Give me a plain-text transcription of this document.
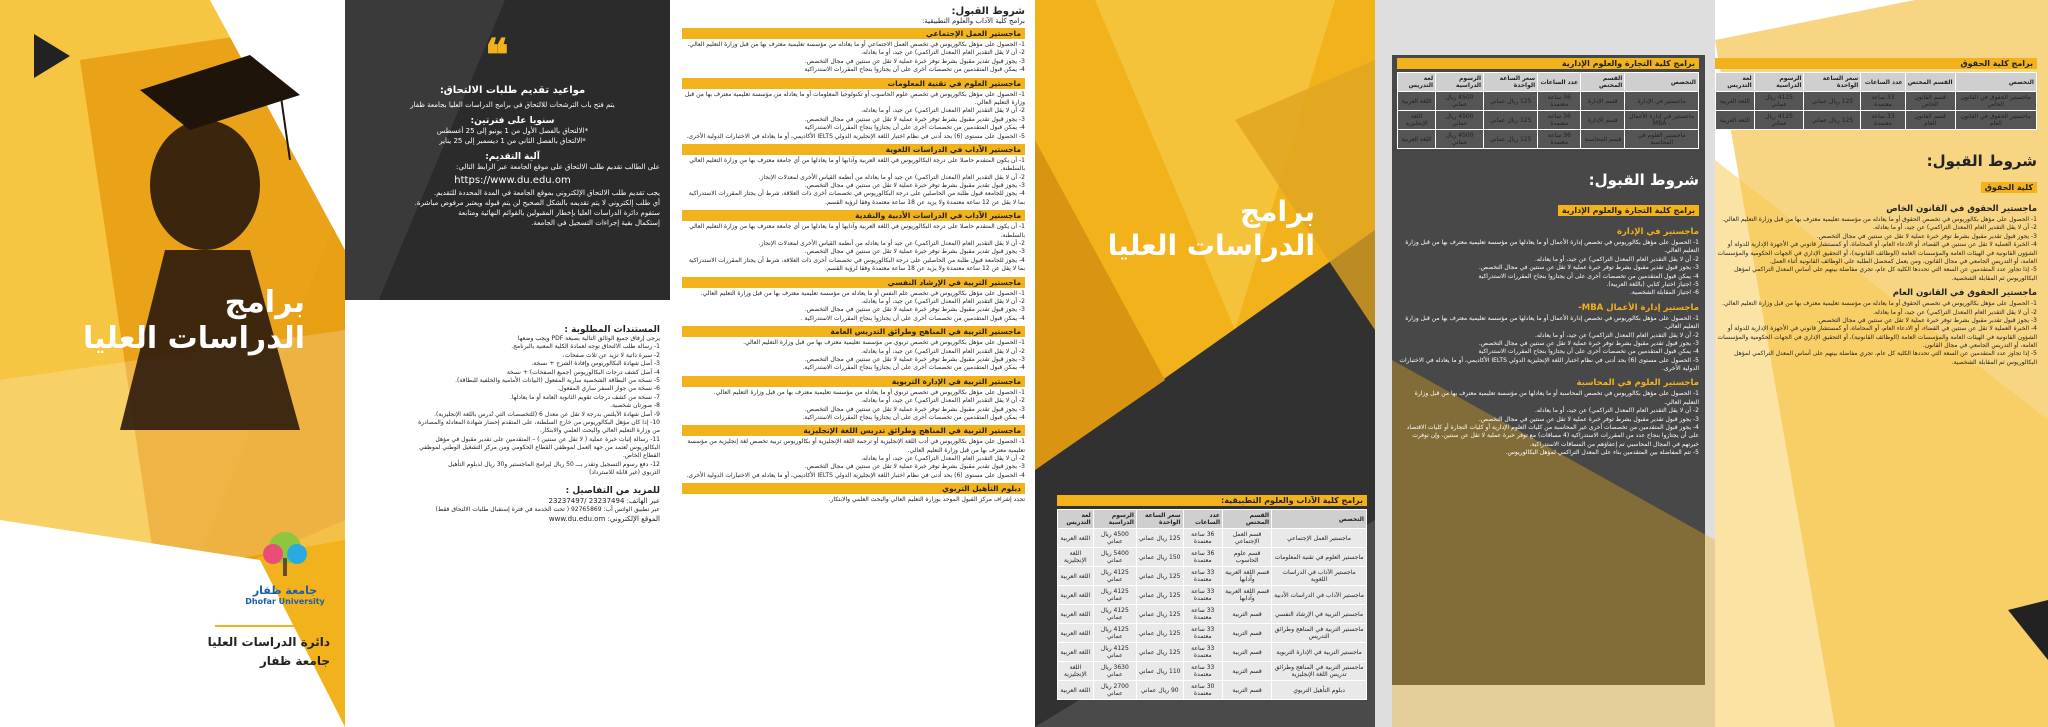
برامج
الدراسات العليا
جامعة ظفار
Dhofar University
دائرة الدراسات العليا
جامعة ظفار
❝
مواعيد تقديم طلبات الالتحاق:
يتم فتح باب الترشحات للالتحاق في برامج الدراسات العليا بجامعة ظفار
سنويا على فترتين:
*الالتحاق بالفصل الأول من 1 يونيو إلى 25 أغسطس
*الالتحاق بالفصل الثاني من 1 ديسمبر إلى 25 يناير
آلية التقديم:
على الطالب تقديم طلب الالتحاق على موقع الجامعة عبر الرابط التالي:
https://www.du.edu.om
يجب تقديم طلب الالتحاق الإلكتروني بموقع الجامعة في المدة المحددة للتقديم.
أي طلب إلكتروني لا يتم تقديمه بالشكل الصحيح لن يتم قبوله ويعتبر مرفوض مباشرة.
ستقوم دائرة الدراسات العليا بإخطار المقبولين بالقوائم النهائية ومتابعة
إستكمال بقية إجراءات التسجيل في الجامعة.
المستندات المطلوبة :
يرجى إرفاق جميع الوثائق التالية بصيغة PDF ويجب وضعها
1- رسالة طلب الالتحاق توجه لعمادة الكلية المعنية بالبرنامج.
2- سيرة ذاتية لا تزيد عن ثلاث صفحات.
3- أصل شهادة البكالوريوس وإفادة الشرح + نسخة.
4- أصل كشف درجات البكالوريوس (جميع الصفحات) + نسخة
5- نسخة من البطاقة الشخصية سارية المفعول (البيانات الأمامية والخلفية للبطاقة).
6- نسخة من جواز السفر ساري المفعول.
7- نسخة من كشف درجات تقويم الثانوية العامة أو ما يعادلها.
8- صورتان شخصية.
9- أصل شهادة الآيلتس بدرجة لا تقل عن معدل 6 (للتخصصات التي تُدرس باللغة الإنجليزية).
10- إذا كان مؤهل البكالوريوس من خارج السلطنة، على المتقدم إحضار شهادة المعادلة والمصادرة
من وزارة التعليم العالي والبحث العلمي والابتكار.
11- رسالة إثبات خبرة عملية ( لا تقل عن سنتين ) – المتقدمين على تقدير مقبول في مؤهل
البكالوريوس تُعتمد من جهة العمل لموظفي القطاع الحكومي ومن مركز التشغيل الوطني لموظفي
القطاع الخاص.
12- دفع رسوم التسجيل وتقدر بـــ 50 ريال لبرامج الماجستير و30 ريال لدبلوم التأهيل
التربوي (غير قابلة للاسترداد)
للمزيد من التفاصيل :
عبر الهاتف: 23237494 /23237497
عبر تطبيق الواتس أب: 92765869 ( تحت الخدمة في فترة إستقبال طلبات الالتحاق فقط)
الموقع الإلكتروني: www.du.edu.om
شروط القبول:
برامج كلية الآداب والعلوم التطبيقية:
ماجستير العمل الإجتماعي
1- الحصول على مؤهل بكالوريوس في تخصص العمل الاجتماعي أو ما يعادله من مؤسسة تعليمية معترف بها من قبل وزارة التعليم العالي.
2- أن لا يقل التقدير العام (المعدل التراكمي) عن جيد، أو ما يعادله.
3- يجوز قبول تقدير مقبول بشرط توفر خبرة عملية لا تقل عن سنتين في مجال التخصص.
4- يمكن قبول المتقدمين من تخصصات أخرى على أن يجتازوا بنجاح المقررات الاستدراكية
ماجستير العلوم في تقنية المعلومات
1- الحصول على مؤهل بكالوريوس في تخصص علوم الحاسوب أو تكنولوجيا المعلومات أو ما يعادله من مؤسسة تعليمية معترف بها من قبل وزارة التعليم العالي.
2- أن لا يقل التقدير العام (المعدل التراكمي) عن جيد، أو ما يعادله.
3- يجوز قبول تقدير مقبول بشرط توفر خبرة عملية لا تقل عن سنتين في مجال التخصص.
4- يمكن قبول المتقدمين من تخصصات أخرى على أن يجتازوا بنجاح المقررات الاستدراكية
5- الحصول على مستوى (6) بحد أدنى في نظام اختبار اللغة الإنجليزية الدولي IELTS الأكاديمي، أو ما يعادله في الاختبارات الدولية الأخرى.
ماجستير الآداب في الدراسات اللغوية
1- أن يكون المتقدم حاصلا على درجة البكالوريوس في اللغة العربية وآدابها أو ما يعادلها من أي جامعة معترف بها من وزارة التعليم العالي بالسلطنة.
2- أن لا يقل التقدير العام (المعدل التراكمي) عن جيد أو ما يعادله من أنظمة القياس الأخرى لمعدلات الإنجاز.
3- يجوز قبول تقدير مقبول بشرط توفر خبرة عملية لا تقل عن سنتين في مجال التخصص.
4- يجوز للجامعة قبول طلبة من الحاصلين على درجة البكالوريوس في تخصصات أخرى ذات العلاقة، شرط أن يجتاز المقررات الاستدراكية بما لا يقل عن 12 ساعة معتمدة ولا يزيد عن 18 ساعة معتمدة وفقا لرؤية القسم.
ماجستير الآداب في الدراسات الأدبية والنقدية
1- أن يكون المتقدم حاصلا على درجة البكالوريوس في اللغة العربية وآدابها أو ما يعادلها من أي جامعة معترف بها من وزارة التعليم العالي بالسلطنة.
2- أن لا يقل التقدير العام (المعدل التراكمي) عن جيد أو ما يعادله من أنظمة القياس الأخرى لمعدلات الإنجاز.
3- يجوز قبول تقدير مقبول بشرط توفر خبرة عملية لا تقل عن سنتين في مجال التخصص.
4- يجوز للجامعة قبول طلبة من الحاصلين على درجة البكالوريوس في تخصصات أخرى ذات العلاقة، شرط أن يجتاز المقررات الاستدراكية بما لا يقل عن 12 ساعة معتمدة ولا يزيد عن 18 ساعة معتمدة وفقا لرؤية القسم.
ماجستير التربية في الإرشاد النفسي
1- الحصول على مؤهل بكالوريوس في تخصص علم النفس أو ما يعادله من مؤسسة تعليمية معترف بها من قبل وزارة التعليم العالي.
2- أن لا يقل التقدير العام (المعدل التراكمي) عن جيد، أو ما يعادله.
3- يجوز قبول تقدير مقبول بشرط توفر خبرة عملية لا تقل عن سنتين في مجال التخصص.
4- يمكن قبول المتقدمين من تخصصات أخرى على أن يجتازوا بنجاح المقررات الاستدراكية .
ماجستير التربية في المناهج وطرائق التدريس العامة
1- الحصول على مؤهل بكالوريوس في تخصص تربوي من مؤسسة تعليمية معترف بها من قبل وزارة التعليم العالي.
2- أن لا يقل التقدير العام (المعدل التراكمي) عن جيد، أو ما يعادله.
3- يجوز قبول تقدير مقبول بشرط توفر خبرة عملية لا تقل عن سنتين في مجال التخصص.
4- يمكن قبول المتقدمين من تخصصات أخرى على أن يجتازوا بنجاح المقررات الاستدراكية.
ماجستير التربية في الإدارة التربوية
1- الحصول على مؤهل بكالوريوس في تخصص تربوي أو ما يعادله من مؤسسة تعليمية معترف بها من قبل وزارة التعليم العالي.
2- أن لا يقل التقدير العام (المعدل التراكمي) عن جيد، أو ما يعادله.
3- يجوز قبول تقدير مقبول بشرط توفر خبرة عملية لا تقل عن سنتين في مجال التخصص.
4- يمكن قبول المتقدمين من تخصصات أخرى على أن يجتازوا بنجاح المقررات الاستدراكية.
ماجستير التربية في المناهج وطرائق تدريس اللغة الإنجليزية
1- الحصول على مؤهل بكالوريوس في أدب اللغة الإنجليزية أو ترجمة اللغة الإنجليزية أو بكالوريوس تربية تخصص لغة إنجليزية من مؤسسة تعليمية معترف بها من قبل وزارة التعليم العالي.
2- أن لا يقل التقدير العام (المعدل التراكمي) عن جيد، أو ما يعادله.
3- يجوز قبول تقدير مقبول بشرط توفر خبرة عملية لا تقل عن سنتين في مجال التخصص.
4- الحصول على مستوى (6) بحد أدنى في نظام اختبار اللغة الإنجليزية الدولي IELTS الأكاديمي، أو ما يعادله في الاختبارات الدولية الأخرى.
دبلوم التأهيل التربوي
تحدد إشراف مركز القبول الموحد بوزارة التعليم العالي والبحث العلمي والابتكار.
برامج
الدراسات العليا
برامج كلية الآداب والعلوم التطبيقية:
التخصص	القسم المختص	عدد الساعات	سعر الساعة الواحدة	الرسوم الدراسية	لغة التدريس
ماجستير العمل الإجتماعي	قسم العمل الإجتماعي	36 ساعة معتمدة	125 ريال عماني	4500 ريال عماني	اللغة العربية
ماجستير العلوم في تقنية المعلومات	قسم علوم الحاسوب	36 ساعة معتمدة	150 ريال عماني	5400 ريال عماني	اللغة الإنجليزية
ماجستير الآداب في الدراسات اللغوية	قسم اللغة العربية وآدابها	33 ساعة معتمدة	125 ريال عماني	4125 ريال عماني	اللغة العربية
ماجستير الآداب في الدراسات الأدبية	قسم اللغة العربية وآدابها	33 ساعة معتمدة	125 ريال عماني	4125 ريال عماني	اللغة العربية
ماجستير التربية في الإرشاد النفسي	قسم التربية	33 ساعة معتمدة	125 ريال عماني	4125 ريال عماني	اللغة العربية
ماجستير التربية في المناهج وطرائق التدريس	قسم التربية	33 ساعة معتمدة	125 ريال عماني	4125 ريال عماني	اللغة العربية
ماجستير التربية في الإدارة التربوية	قسم التربية	33 ساعة معتمدة	125 ريال عماني	4125 ريال عماني	اللغة العربية
ماجستير التربية في المناهج وطرائق تدريس اللغة الإنجليزية	قسم التربية	33 ساعة معتمدة	110 ريال عماني	3630 ريال عماني	اللغة الإنجليزية
دبلوم التأهيل التربوي	قسم التربية	30 ساعة معتمدة	90 ريال عماني	2700 ريال عماني	اللغة العربية
برامج كلية التجارة والعلوم الإدارية
التخصص	القسم المختص	عدد الساعات	سعر الساعة الواحدة	الرسوم الدراسية	لغة التدريس
ماجستير في الإدارة	قسم الإدارة	36 ساعة معتمدة	125 ريال عماني	4500 ريال عماني	اللغة العربية
ماجستير في إدارة الأعمال - MBA	قسم الإدارة	36 ساعة معتمدة	125 ريال عماني	4500 ريال عماني	اللغة الإنجليزية
ماجستير العلوم في المحاسبة	قسم المحاسبة	36 ساعة معتمدة	125 ريال عماني	4500 ريال عماني	اللغة العربية
شروط القبول:
برامج كلية التجارة والعلوم الإدارية
ماجستير في الإدارة
1- الحصول على مؤهل بكالوريوس في تخصص إدارة الأعمال أو ما يعادلها من مؤسسة تعليمية معترف بها من قبل وزارة التعليم العالي.
2- أن لا يقل التقدير العام (المعدل التراكمي) عن جيد، أو ما يعادله.
3- يجوز قبول تقدير مقبول بشرط توفر خبرة عملية لا تقل عن سنتين في مجال التخصص.
4- يمكن قبول المتقدمين من تخصصات أخرى على أن يجتازوا بنجاح المقررات الاستدراكية
5- اجتياز اختبار كتابي (باللغة العربية).
6- اجتياز المقابلة الشخصية.
ماجستير إدارة الأعمال MBA-
1- الحصول على مؤهل بكالوريوس في تخصص إدارة الأعمال أو ما يعادلها من مؤسسة تعليمية معترف بها من قبل وزارة التعليم العالي.
2- أن لا يقل التقدير العام (المعدل التراكمي) عن جيد، أو ما يعادله.
3- يجوز قبول تقدير مقبول بشرط توفر خبرة عملية لا تقل عن سنتين في مجال التخصص.
4- يمكن قبول المتقدمين من تخصصات أخرى على أن يجتازوا بنجاح المقررات الاستدراكية
5- الحصول على مستوى (6) بحد أدنى في نظام اختبار اللغة الإنجليزية الدولي IELTS الأكاديمي، أو ما يعادله في الاختبارات الدولية الأخرى.
ماجستير العلوم في المحاسبة
1- الحصول على مؤهل بكالوريوس في تخصص المحاسبة أو ما يعادلها من مؤسسة تعليمية معترف بها من قبل وزارة التعليم العالي.
2- أن لا يقل التقدير العام (المعدل التراكمي) عن جيد، أو ما يعادله.
3- يجوز قبول تقدير مقبول بشرط توفر خبرة عملية لا تقل عن سنتين في مجال التخصص.
4- يجوز قبول المتقدمين من تخصصات أخرى غير المحاسبة من كليات العلوم الإدارية أو كليات التجارة أو كليات الاقتصاد على أن يجتازوا بنجاح عدد من المقررات الاستدراكية (4 مساقات) مع توفر خبرة عملية لا تقل عن سنتين، وإن توفرت خبرتهم في المجال المحاسبي تم إعفاؤهم من المساقات الاستدراكية.
5- تتم المفاضلة بين المتقدمين بناء على المعدل التراكمي لمؤهل البكالوريوس.
برامج كلية الحقوق
التخصص	القسم المختص	عدد الساعات	سعر الساعة الواحدة	الرسوم الدراسية	لغة التدريس
ماجستير الحقوق في القانون الخاص	قسم القانون الخاص	33 ساعة معتمدة	125 ريال عماني	4125 ريال عماني	اللغة العربية
ماجستير الحقوق في القانون العام	قسم القانون العام	33 ساعة معتمدة	125 ريال عماني	4125 ريال عماني	اللغة العربية
شروط القبول:
كلية الحقوق
ماجستير الحقوق في القانون الخاص
1- الحصول على مؤهل بكالوريوس في تخصص الحقوق أو ما يعادله من مؤسسة تعليمية معترف بها من قبل وزارة التعليم العالي.
2- أن لا يقل التقدير العام (المعدل التراكمي) عن جيد، أو ما يعادله.
3- يجوز قبول تقدير مقبول بشرط توفر خبرة عملية لا تقل عن سنتين في مجال التخصص.
4- الخبرة العملية لا تقل عن سنتين في القضاء، أو الادعاء العام، أو المحاماة، أو كمستشار قانوني في الأجهزة الإدارية للدولة أو الشؤون القانونية في الهيئات العامة والمؤسسات العامة (الوظائف القانونية)، أو التحقيق الإداري في الجهات الحكومية والمؤسسات العامة، أو التدريس الجامعي في مجال القانون، ومن يعمل كمحصل الطلبة على الوظائف القانونية أثناء العمل.
5- إذا تجاوز عدد المتقدمين عن السعة التي تحددها الكلية كل عام، تجري مفاضلة بينهم على أساس المعدل التراكمي لمؤهل البكالوريوس ثم المقابلة الشخصية.
ماجستير الحقوق في القانون العام
1- الحصول على مؤهل بكالوريوس في تخصص الحقوق أو ما يعادله من مؤسسة تعليمية معترف بها من قبل وزارة التعليم العالي.
2- أن لا يقل التقدير العام (المعدل التراكمي) عن جيد، أو ما يعادله.
3- يجوز قبول تقدير مقبول بشرط توفر خبرة عملية لا تقل عن سنتين في مجال التخصص.
4- الخبرة العملية لا تقل عن سنتين في القضاء، أو الادعاء العام، أو المحاماة، أو كمستشار قانوني في الأجهزة الإدارية للدولة أو الشؤون القانونية في الهيئات العامة والمؤسسات العامة (الوظائف القانونية)، أو التحقيق الإداري في الجهات الحكومية والمؤسسات العامة، أو التدريس الجامعي في مجال القانون.
5- إذا تجاوز عدد المتقدمين عن السعة التي تحددها الكلية كل عام، تجري مفاضلة بينهم على أساس المعدل التراكمي لمؤهل البكالوريوس ثم المقابلة الشخصية.
